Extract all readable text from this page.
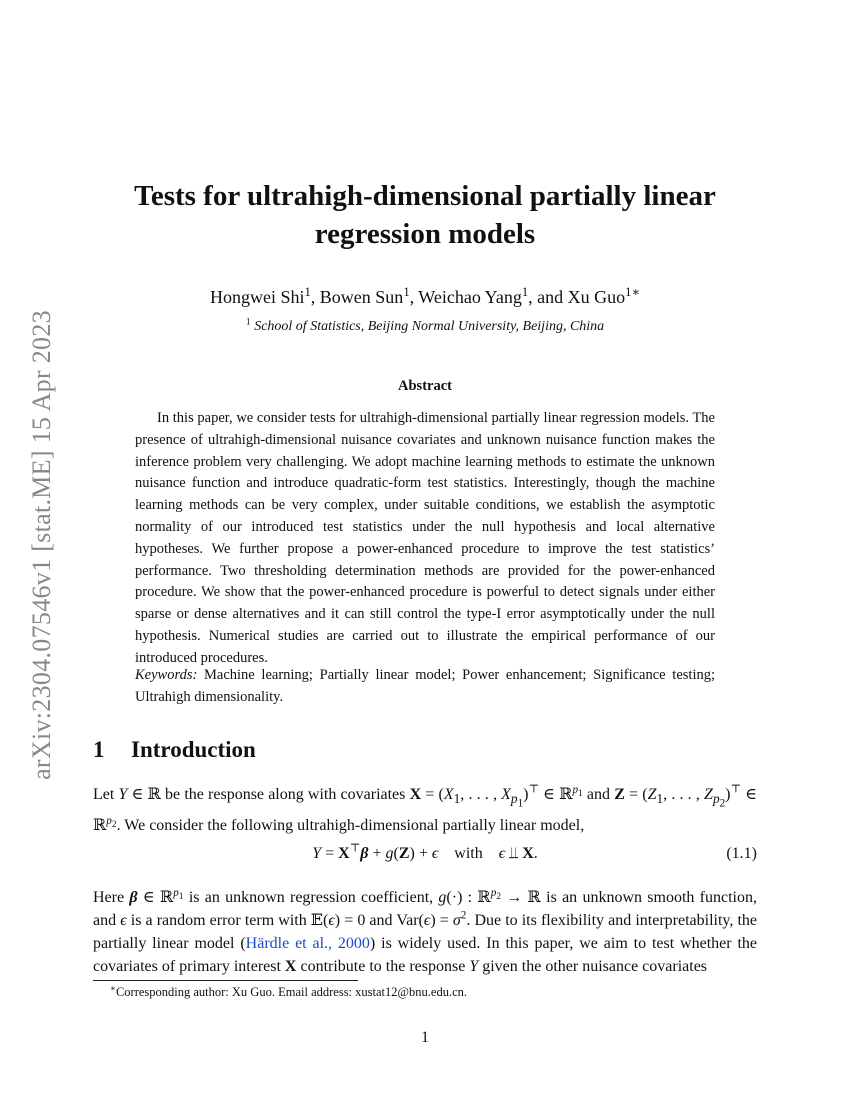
arXiv:2304.07546v1 [stat.ME] 15 Apr 2023
Tests for ultrahigh-dimensional partially linear
regression models
Hongwei Shi$^1$, Bowen Sun$^1$, Weichao Yang$^1$, and Xu Guo$^{1∗}$
$^1$ School of Statistics, Beijing Normal University, Beijing, China
Abstract

In this paper, we consider tests for ultrahigh-dimensional partially linear regression models. The presence of ultrahigh-dimensional nuisance covariates and unknown nuisance function makes the inference problem very challenging. We adopt machine learning methods to estimate the unknown nuisance function and introduce quadratic-form test statistics. Interestingly, though the machine learning methods can be very complex, under suitable conditions, we establish the asymptotic normality of our introduced test statistics under the null hypothesis and local alternative hypotheses. We further propose a power-enhanced procedure to improve the test statistics’ performance. Two thresholding determination methods are provided for the power-enhanced procedure. We show that the power-enhanced procedure is powerful to detect signals under either sparse or dense alternatives and it can still control the type-I error asymptotically under the null hypothesis. Numerical studies are carried out to illustrate the empirical performance of our introduced procedures.

Keywords: Machine learning; Partially linear model; Power enhancement; Significance testing; Ultrahigh dimensionality.
1 Introduction

Let Y ∈ ℝ be the response along with covariates $X = (X_1$, . . . , $X_{p_1})^⊤$ ∈ ℝ$^{p_1}$ and $Z = (Z_1$, . . . , $Z_{p_2})^⊤$ ∈ ℝ$^{p_2}$. We consider the following ultrahigh-dimensional partially linear model,

Y = X⊤β + g(Z) + ϵ with ϵ ⫫ X.	(1.1)

Here β ∈ ℝ$^{p_1}$ is an unknown regression coefficient, g(·) : ℝ$^{p_2}$ → ℝ is an unknown smooth function, and ϵ is a random error term with 𝔼(ϵ) = 0 and $Var(\epsilon) = \sigma^2$. Due to its flexibility and interpretability, the partially linear model (Härdle et al., 2000) is widely used. In this paper, we aim to test whether the covariates of primary interest X contribute to the response Y given the other nuisance covariates

∗Corresponding author: Xu Guo. Email address: xustat12@bnu.edu.cn.
1
